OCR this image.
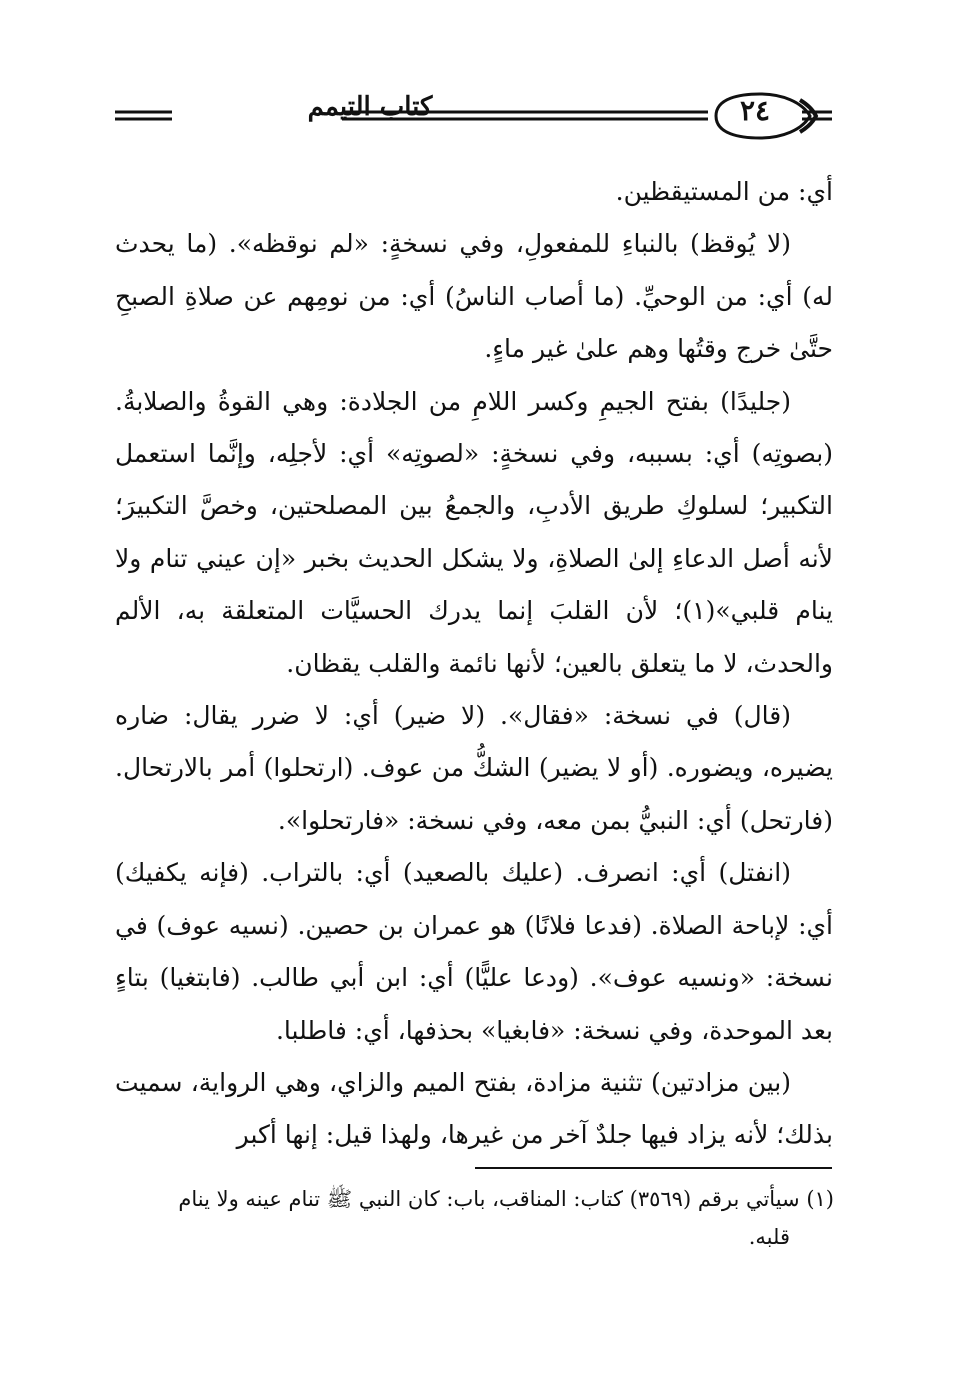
كتاب التيمم	٢٤

أي: من المستيقظين.

(لا يُوقظ) بالنباءِ للمفعولِ، وفي نسخةٍ: «لم نوقظه». (ما يحدث له) أي: من الوحيِّ. (ما أصاب الناسُ) أي: من نومِهم عن صلاةِ الصبحِ حتَّىٰ خرج وقتُها وهم علىٰ غير ماءٍ.

(جليدًا) بفتح الجيمِ وكسر اللامِ من الجلادة: وهي القوةُ والصلابةُ. (بصوتِه) أي: بسببه، وفي نسخةٍ: «لصوتِه» أي: لأجلِه، وإنَّما استعمل التكبير؛ لسلوكِ طريق الأدبِ، والجمعُ بين المصلحتين، وخصَّ التكبيرَ؛ لأنه أصل الدعاءِ إلىٰ الصلاةِ، ولا يشكل الحديث بخبر «إن عيني تنام ولا ينام قلبي»(١)؛ لأن القلبَ إنما يدرك الحسيَّات المتعلقة به، الألم والحدث، لا ما يتعلق بالعين؛ لأنها نائمة والقلب يقظان.

(قال) في نسخة: «فقال». (لا ضير) أي: لا ضرر يقال: ضاره يضيره، ويضوره. (أو لا يضير) الشكُّ من عوف. (ارتحلوا) أمر بالارتحال. (فارتحل) أي: النبيُّ بمن معه، وفي نسخة: «فارتحلوا».

(انفتل) أي: انصرف. (عليك بالصعيد) أي: بالتراب. (فإنه يكفيك) أي: لإباحة الصلاة. (فدعا فلانًا) هو عمران بن حصين. (نسيه عوف) في نسخة: «ونسيه عوف». (ودعا عليًّا) أي: ابن أبي طالب. (فابتغيا) بتاءٍ بعد الموحدة، وفي نسخة: «فابغيا» بحذفها، أي: فاطلبا.

(بين مزادتين) تثنية مزادة، بفتح الميم والزاي، وهي الرواية، سميت بذلك؛ لأنه يزاد فيها جلدٌ آخر من غيرها، ولهذا قيل: إنها أكبر

(١) سيأتي برقم (٣٥٦٩) كتاب: المناقب، باب: كان النبي ﷺ تنام عينه ولا ينام

قلبه.
